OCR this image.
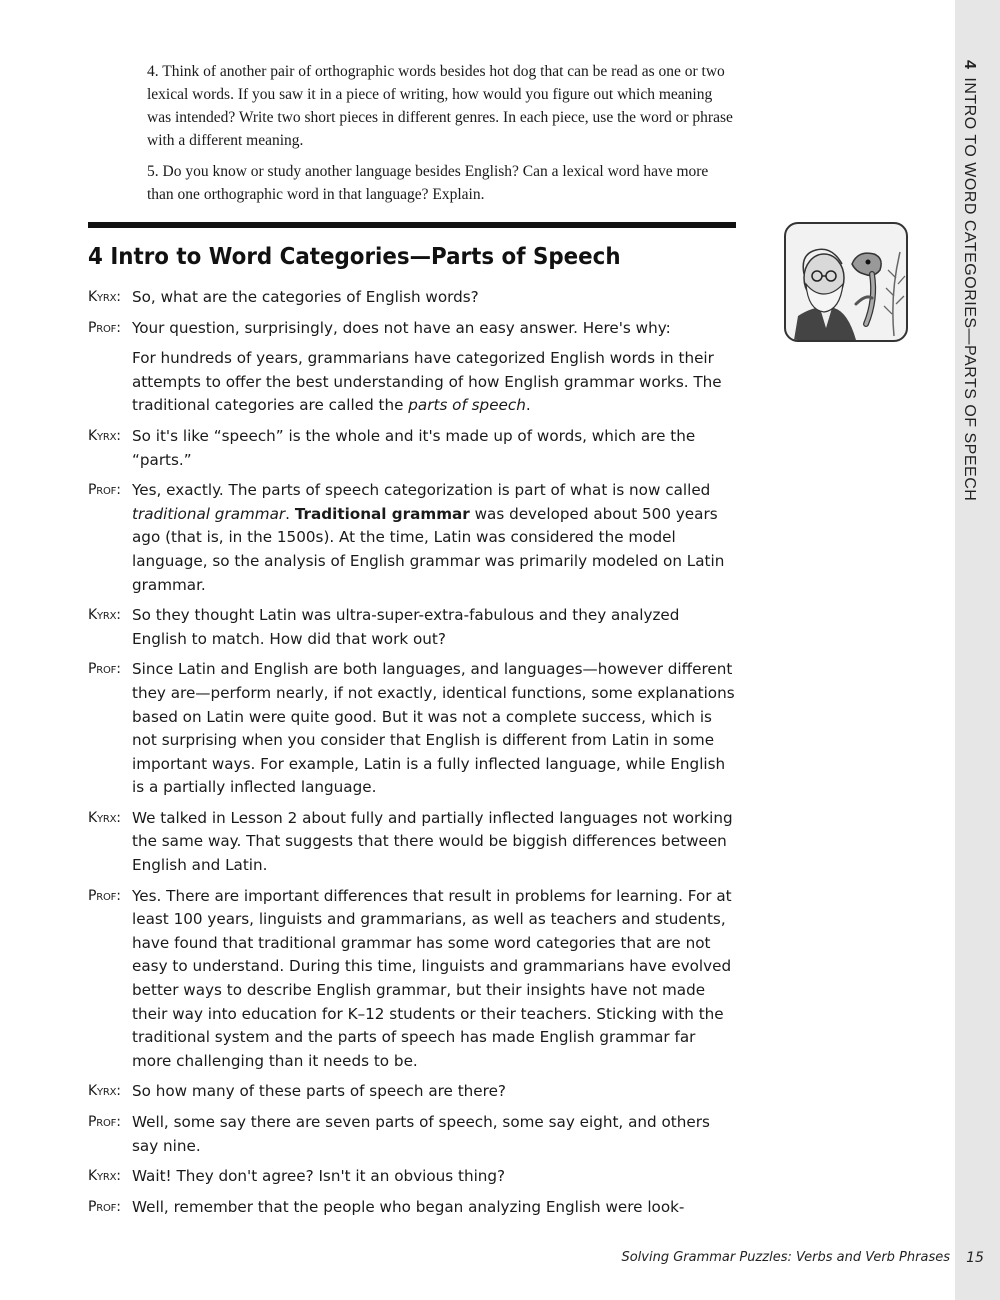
4INTRO TO WORD CATEGORIES—PARTS OF SPEECH

4. Think of another pair of orthographic words besides hot dog that can be read as one or two lexical words. If you saw it in a piece of writing, how would you figure out which meaning was intended? Write two short pieces in different genres. In each piece, use the word or phrase with a different meaning.

5. Do you know or study another language besides English? Can a lexical word have more than one orthographic word in that language? Explain.

4 Intro to Word Categories—Parts of Speech
Kyrx: So, what are the categories of English words?
Prof: Your question, surprisingly, does not have an easy answer. Here's why:
For hundreds of years, grammarians have categorized English words in their attempts to offer the best understanding of how English grammar works. The traditional categories are called the parts of speech.
Kyrx: So it's like “speech” is the whole and it's made up of words, which are the “parts.”
Prof: Yes, exactly. The parts of speech categorization is part of what is now called traditional grammar. Traditional grammar was developed about 500 years ago (that is, in the 1500s). At the time, Latin was considered the model language, so the analysis of English grammar was primarily modeled on Latin grammar.
Kyrx: So they thought Latin was ultra-super-extra-fabulous and they analyzed English to match. How did that work out?
Prof: Since Latin and English are both languages, and languages—however different they are—perform nearly, if not exactly, identical functions, some explanations based on Latin were quite good. But it was not a complete success, which is not surprising when you consider that English is different from Latin in some important ways. For example, Latin is a fully inflected language, while English is a partially inflected language.
Kyrx: We talked in Lesson 2 about fully and partially inflected languages not working the same way. That suggests that there would be biggish differences between English and Latin.
Prof: Yes. There are important differences that result in problems for learning. For at least 100 years, linguists and grammarians, as well as teachers and students, have found that traditional grammar has some word categories that are not easy to understand. During this time, linguists and grammarians have evolved better ways to describe English grammar, but their insights have not made their way into education for K–12 students or their teachers. Sticking with the traditional system and the parts of speech has made English grammar far more challenging than it needs to be.
Kyrx: So how many of these parts of speech are there?
Prof: Well, some say there are seven parts of speech, some say eight, and others say nine.
Kyrx: Wait! They don't agree? Isn't it an obvious thing?
Prof: Well, remember that the people who began analyzing English were look-
Solving Grammar Puzzles: Verbs and Verb Phrases	15
